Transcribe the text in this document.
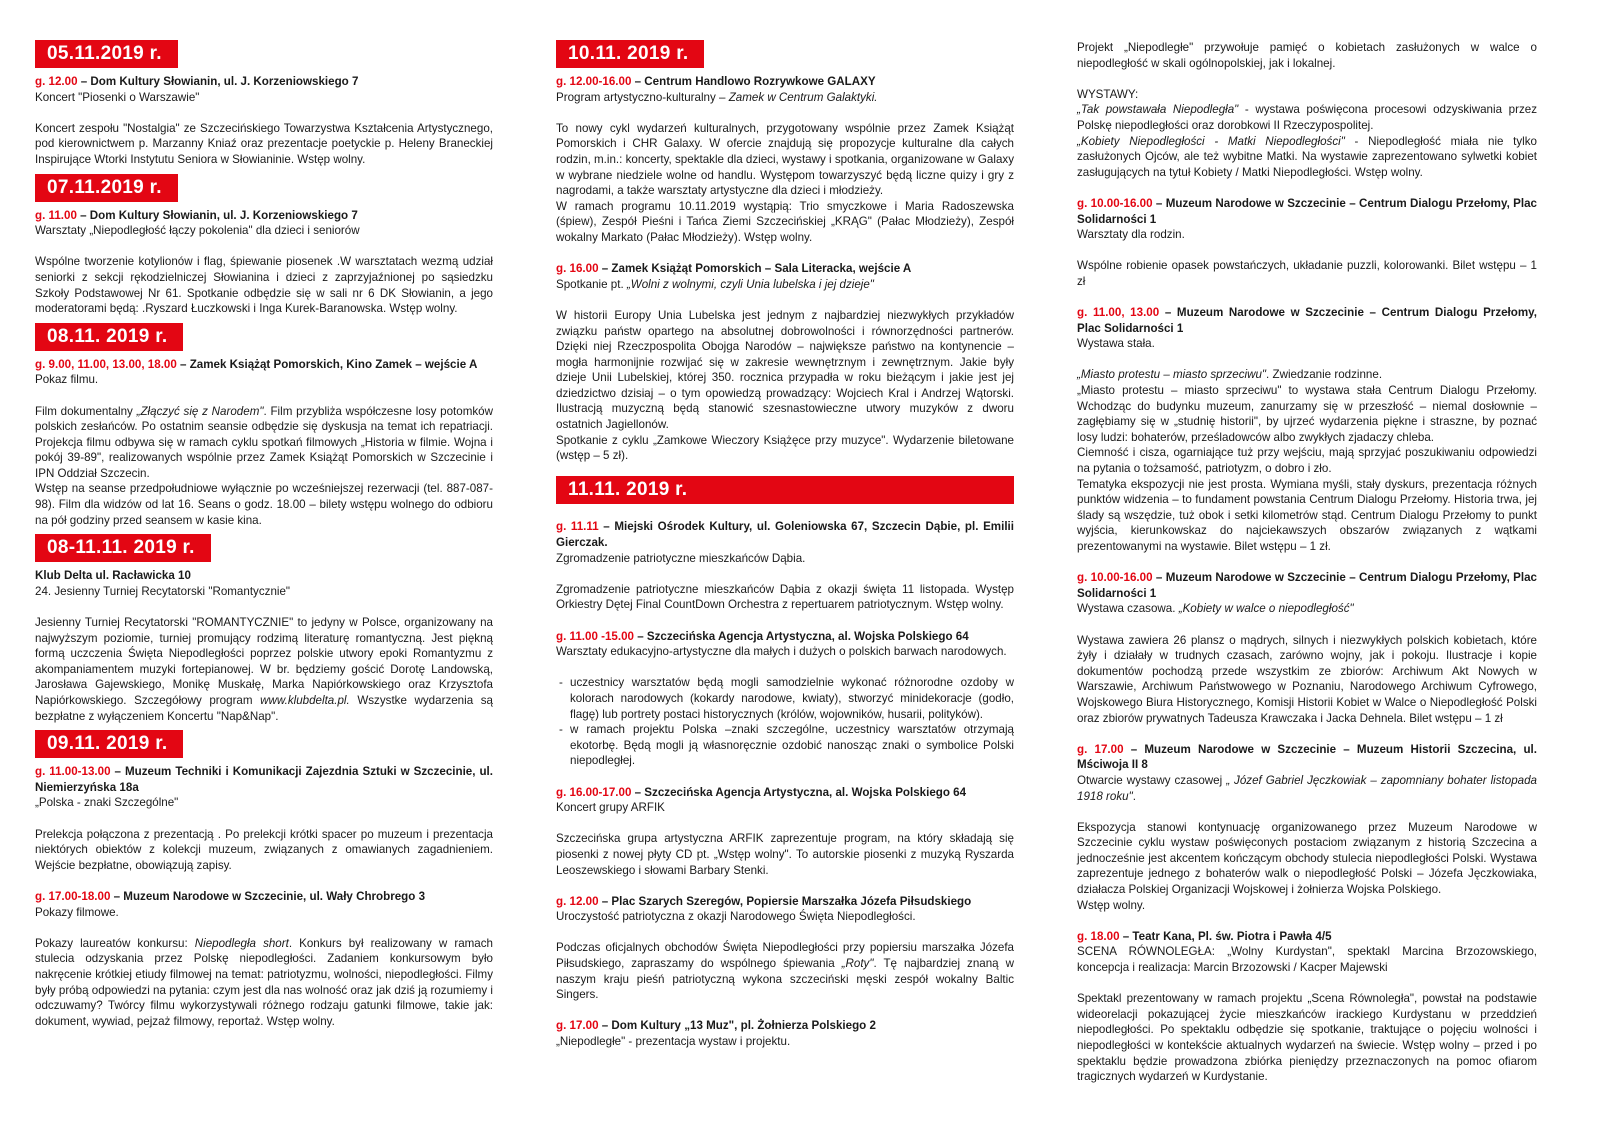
05.11.2019 r.
g. 12.00 – Dom Kultury Słowianin, ul. J. Korzeniowskiego 7

Koncert "Piosenki o Warszawie"

Koncert zespołu "Nostalgia" ze Szczecińskiego Towarzystwa Kształcenia Artystycznego, pod kierownictwem p. Marzanny Kniaź oraz prezentacje poetyckie p. Heleny Braneckiej Inspirujące Wtorki Instytutu Seniora w Słowianinie. Wstęp wolny.

07.11.2019 r.
g. 11.00 – Dom Kultury Słowianin, ul. J. Korzeniowskiego 7

Warsztaty „Niepodległość łączy pokolenia" dla dzieci i seniorów

Wspólne tworzenie kotylionów i flag, śpiewanie piosenek .W warsztatach wezmą udział seniorki z sekcji rękodzielniczej Słowianina i dzieci z zaprzyjaźnionej po sąsiedzku Szkoły Podstawowej Nr 61. Spotkanie odbędzie się w sali nr 6 DK Słowianin, a jego moderatorami będą: .Ryszard Łuczkowski i Inga Kurek-Baranowska. Wstęp wolny.

08.11. 2019 r.
g. 9.00, 11.00, 13.00, 18.00 – Zamek Książąt Pomorskich, Kino Zamek – wejście A

Pokaz filmu.

Film dokumentalny „Złączyć się z Narodem". Film przybliża współczesne losy potomków polskich zesłańców. Po ostatnim seansie odbędzie się dyskusja na temat ich repatriacji. Projekcja filmu odbywa się w ramach cyklu spotkań filmowych „Historia w filmie. Wojna i pokój 39-89", realizowanych wspólnie przez Zamek Książąt Pomorskich w Szczecinie i IPN Oddział Szczecin.

Wstęp na seanse przedpołudniowe wyłącznie po wcześniejszej rezerwacji (tel. 887-087-98). Film dla widzów od lat 16. Seans o godz. 18.00 – bilety wstępu wolnego do odbioru na pół godziny przed seansem w kasie kina.

08-11.11. 2019 r.
Klub Delta ul. Racławicka 10

24. Jesienny Turniej Recytatorski "Romantycznie"

Jesienny Turniej Recytatorski "ROMANTYCZNIE" to jedyny w Polsce, organizowany na najwyższym poziomie, turniej promujący rodzimą literaturę romantyczną. Jest piękną formą uczczenia Święta Niepodległości poprzez polskie utwory epoki Romantyzmu z akompaniamentem muzyki fortepianowej. W br. będziemy gościć Dorotę Landowską, Jarosława Gajewskiego, Monikę Muskałę, Marka Napiórkowskiego oraz Krzysztofa Napiórkowskiego. Szczegółowy program www.klubdelta.pl. Wszystke wydarzenia są bezpłatne z wyłączeniem Koncertu "Nap&Nap".

09.11. 2019 r.
g. 11.00-13.00 – Muzeum Techniki i Komunikacji Zajezdnia Sztuki w Szczecinie, ul. Niemierzyńska 18a

„Polska - znaki Szczególne"

Prelekcja połączona z prezentacją . Po prelekcji krótki spacer po muzeum i prezentacja niektórych obiektów z kolekcji muzeum, związanych z omawianych zagadnieniem. Wejście bezpłatne, obowiązują zapisy.

g. 17.00-18.00 – Muzeum Narodowe w Szczecinie, ul. Wały Chrobrego 3

Pokazy filmowe.

Pokazy laureatów konkursu: Niepodległa short. Konkurs był realizowany w ramach stulecia odzyskania przez Polskę niepodległości. Zadaniem konkursowym było nakręcenie krótkiej etiudy filmowej na temat: patriotyzmu, wolności, niepodległości. Filmy były próbą odpowiedzi na pytania: czym jest dla nas wolność oraz jak dziś ją rozumiemy i odczuwamy? Twórcy filmu wykorzystywali różnego rodzaju gatunki filmowe, takie jak: dokument, wywiad, pejzaż filmowy, reportaż. Wstęp wolny.

10.11. 2019 r.
g. 12.00-16.00 – Centrum Handlowo Rozrywkowe GALAXY

Program artystyczno-kulturalny – Zamek w Centrum Galaktyki.

To nowy cykl wydarzeń kulturalnych, przygotowany wspólnie przez Zamek Książąt Pomorskich i CHR Galaxy. W ofercie znajdują się propozycje kulturalne dla całych rodzin, m.in.: koncerty, spektakle dla dzieci, wystawy i spotkania, organizowane w Galaxy w wybrane niedziele wolne od handlu. Występom towarzyszyć będą liczne quizy i gry z nagrodami, a także warsztaty artystyczne dla dzieci i młodzieży.

W ramach programu 10.11.2019 wystąpią: Trio smyczkowe i Maria Radoszewska (śpiew), Zespół Pieśni i Tańca Ziemi Szczecińskiej „KRĄG" (Pałac Młodzieży), Zespół wokalny Markato (Pałac Młodzieży). Wstęp wolny.

g. 16.00 – Zamek Książąt Pomorskich – Sala Literacka, wejście A

Spotkanie pt. „Wolni z wolnymi, czyli Unia lubelska i jej dzieje"

W historii Europy Unia Lubelska jest jednym z najbardziej niezwykłych przykładów związku państw opartego na absolutnej dobrowolności i równorzędności partnerów. Dzięki niej Rzeczpospolita Obojga Narodów – największe państwo na kontynencie – mogła harmonijnie rozwijać się w zakresie wewnętrznym i zewnętrznym. Jakie były dzieje Unii Lubelskiej, której 350. rocznica przypadła w roku bieżącym i jakie jest jej dziedzictwo dzisiaj – o tym opowiedzą prowadzący: Wojciech Kral i Andrzej Wątorski. Ilustracją muzyczną będą stanowić szesnastowieczne utwory muzyków z dworu ostatnich Jagiellonów.

Spotkanie z cyklu „Zamkowe Wieczory Książęce przy muzyce". Wydarzenie biletowane (wstęp – 5 zł).

11.11. 2019 r.
g. 11.11 – Miejski Ośrodek Kultury, ul. Goleniowska 67, Szczecin Dąbie, pl. Emilii Gierczak.

Zgromadzenie patriotyczne mieszkańców Dąbia.

Zgromadzenie patriotyczne mieszkańców Dąbia z okazji święta 11 listopada. Występ Orkiestry Dętej Final CountDown Orchestra z repertuarem patriotycznym. Wstęp wolny.

g. 11.00 -15.00 – Szczecińska Agencja Artystyczna, al. Wojska Polskiego 64

Warsztaty edukacyjno-artystyczne dla małych i dużych o polskich barwach narodowych.

- uczestnicy warsztatów będą mogli samodzielnie wykonać różnorodne ozdoby w kolorach narodowych (kokardy narodowe, kwiaty), stworzyć minidekoracje (godło, flagę) lub portrety postaci historycznych (królów, wojowników, husarii, polityków).
- w ramach projektu Polska –znaki szczególne, uczestnicy warsztatów otrzymają ekotorbę. Będą mogli ją własnoręcznie ozdobić nanosząc znaki o symbolice Polski niepodległej.
g. 16.00-17.00 – Szczecińska Agencja Artystyczna, al. Wojska Polskiego 64

Koncert grupy ARFIK

Szczecińska grupa artystyczna ARFIK zaprezentuje program, na który składają się piosenki z nowej płyty CD pt. „Wstęp wolny". To autorskie piosenki z muzyką Ryszarda Leoszewskiego i słowami Barbary Stenki.

g. 12.00 – Plac Szarych Szeregów, Popiersie Marszałka Józefa Piłsudskiego

Uroczystość patriotyczna z okazji Narodowego Święta Niepodległości.

Podczas oficjalnych obchodów Święta Niepodległości przy popiersiu marszałka Józefa Piłsudskiego, zapraszamy do wspólnego śpiewania „Roty". Tę najbardziej znaną w naszym kraju pieśń patriotyczną wykona szczeciński męski zespół wokalny Baltic Singers.

g. 17.00 – Dom Kultury „13 Muz", pl. Żołnierza Polskiego 2

„Niepodległe" - prezentacja wystaw i projektu.

Projekt „Niepodległe" przywołuje pamięć o kobietach zasłużonych w walce o niepodległość w skali ogólnopolskiej, jak i lokalnej.

WYSTAWY:

„Tak powstawała Niepodległa" - wystawa poświęcona procesowi odzyskiwania przez Polskę niepodległości oraz dorobkowi II Rzeczypospolitej.

„Kobiety Niepodległości - Matki Niepodległości" - Niepodległość miała nie tylko zasłużonych Ojców, ale też wybitne Matki. Na wystawie zaprezentowano sylwetki kobiet zasługujących na tytuł Kobiety / Matki Niepodległości. Wstęp wolny.

g. 10.00-16.00 – Muzeum Narodowe w Szczecinie – Centrum Dialogu Przełomy, Plac Solidarności 1

Warsztaty dla rodzin.

Wspólne robienie opasek powstańczych, układanie puzzli, kolorowanki. Bilet wstępu – 1 zł

g. 11.00, 13.00 – Muzeum Narodowe w Szczecinie – Centrum Dialogu Przełomy, Plac Solidarności 1

Wystawa stała.

„Miasto protestu – miasto sprzeciwu". Zwiedzanie rodzinne.

„Miasto protestu – miasto sprzeciwu" to wystawa stała Centrum Dialogu Przełomy. Wchodząc do budynku muzeum, zanurzamy się w przeszłość – niemal dosłownie – zagłębiamy się w „studnię historii", by ujrzeć wydarzenia piękne i straszne, by poznać losy ludzi: bohaterów, prześladowców albo zwykłych zjadaczy chleba.

Ciemność i cisza, ogarniające tuż przy wejściu, mają sprzyjać poszukiwaniu odpowiedzi na pytania o tożsamość, patriotyzm, o dobro i zło.

Tematyka ekspozycji nie jest prosta. Wymiana myśli, stały dyskurs, prezentacja różnych punktów widzenia – to fundament powstania Centrum Dialogu Przełomy. Historia trwa, jej ślady są wszędzie, tuż obok i setki kilometrów stąd. Centrum Dialogu Przełomy to punkt wyjścia, kierunkowskaz do najciekawszych obszarów związanych z wątkami prezentowanymi na wystawie. Bilet wstępu – 1 zł.

g. 10.00-16.00 – Muzeum Narodowe w Szczecinie – Centrum Dialogu Przełomy, Plac Solidarności 1

Wystawa czasowa. „Kobiety w walce o niepodległość"

Wystawa zawiera 26 plansz o mądrych, silnych i niezwykłych polskich kobietach, które żyły i działały w trudnych czasach, zarówno wojny, jak i pokoju. Ilustracje i kopie dokumentów pochodzą przede wszystkim ze zbiorów: Archiwum Akt Nowych w Warszawie, Archiwum Państwowego w Poznaniu, Narodowego Archiwum Cyfrowego, Wojskowego Biura Historycznego, Komisji Historii Kobiet w Walce o Niepodległość Polski oraz zbiorów prywatnych Tadeusza Krawczaka i Jacka Dehnela. Bilet wstępu – 1 zł

g. 17.00 – Muzeum Narodowe w Szczecinie – Muzeum Historii Szczecina, ul. Mściwoja II 8

Otwarcie wystawy czasowej „ Józef Gabriel Jęczkowiak – zapomniany bohater listopada 1918 roku".

Ekspozycja stanowi kontynuację organizowanego przez Muzeum Narodowe w Szczecinie cyklu wystaw poświęconych postaciom związanym z historią Szczecina a jednocześnie jest akcentem kończącym obchody stulecia niepodległości Polski. Wystawa zaprezentuje jednego z bohaterów walk o niepodległość Polski – Józefa Jęczkowiaka, działacza Polskiej Organizacji Wojskowej i żołnierza Wojska Polskiego.

Wstęp wolny.

g. 18.00 – Teatr Kana, Pl. św. Piotra i Pawła 4/5

SCENA RÓWNOLEGŁA: „Wolny Kurdystan", spektakl Marcina Brzozowskiego, koncepcja i realizacja: Marcin Brzozowski / Kacper Majewski

Spektakl prezentowany w ramach projektu „Scena Równoległa", powstał na podstawie wideorelacji pokazującej życie mieszkańców irackiego Kurdystanu w przeddzień niepodległości. Po spektaklu odbędzie się spotkanie, traktujące o pojęciu wolności i niepodległości w kontekście aktualnych wydarzeń na świecie. Wstęp wolny – przed i po spektaklu będzie prowadzona zbiórka pieniędzy przeznaczonych na pomoc ofiarom tragicznych wydarzeń w Kurdystanie.
